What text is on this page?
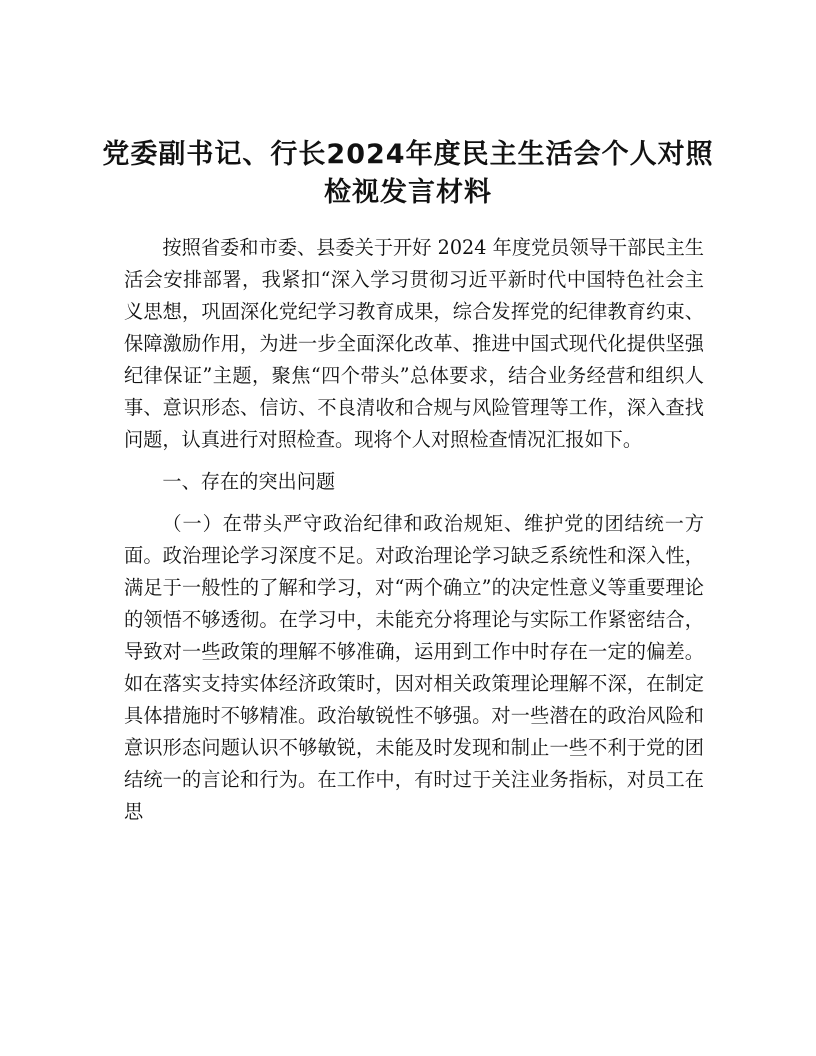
党委副书记、行长2024年度民主生活会个人对照检视发言材料

按照省委和市委、县委关于开好 2024 年度党员领导干部民主生活会安排部署，我紧扣“深入学习贯彻习近平新时代中国特色社会主义思想，巩固深化党纪学习教育成果，综合发挥党的纪律教育约束、保障激励作用，为进一步全面深化改革、推进中国式现代化提供坚强纪律保证”主题，聚焦“四个带头”总体要求，结合业务经营和组织人事、意识形态、信访、不良清收和合规与风险管理等工作，深入查找问题，认真进行对照检查。现将个人对照检查情况汇报如下。

一、存在的突出问题

（一）在带头严守政治纪律和政治规矩、维护党的团结统一方面。政治理论学习深度不足。对政治理论学习缺乏系统性和深入性，满足于一般性的了解和学习，对“两个确立”的决定性意义等重要理论的领悟不够透彻。在学习中，未能充分将理论与实际工作紧密结合，导致对一些政策的理解不够准确，运用到工作中时存在一定的偏差。如在落实支持实体经济政策时，因对相关政策理论理解不深，在制定具体措施时不够精准。政治敏锐性不够强。对一些潜在的政治风险和意识形态问题认识不够敏锐，未能及时发现和制止一些不利于党的团结统一的言论和行为。在工作中，有时过于关注业务指标，对员工在思
